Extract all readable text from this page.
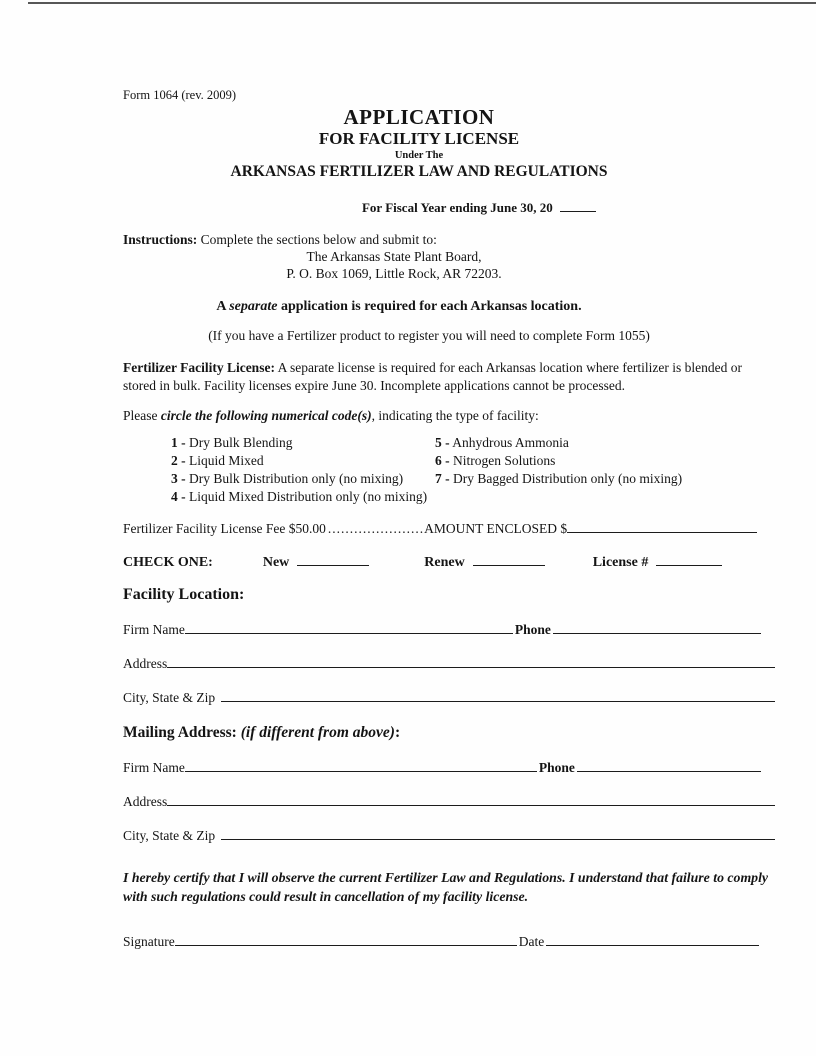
Form 1064 (rev. 2009)
APPLICATION
FOR FACILITY LICENSE
Under The
ARKANSAS FERTILIZER LAW AND REGULATIONS
For Fiscal Year ending June 30, 20
Instructions: Complete the sections below and submit to:
The Arkansas State Plant Board,
P. O. Box 1069, Little Rock, AR 72203.
A separate application is required for each Arkansas location.
(If you have a Fertilizer product to register you will need to complete Form 1055)
Fertilizer Facility License: A separate license is required for each Arkansas location where fertilizer is blended or stored in bulk. Facility licenses expire June 30. Incomplete applications cannot be processed.
Please circle the following numerical code(s), indicating the type of facility:
1 - Dry Bulk Blending	5 - Anhydrous Ammonia
2 - Liquid Mixed	6 - Nitrogen Solutions
3 - Dry Bulk Distribution only (no mixing)	7 - Dry Bagged Distribution only (no mixing)
4 - Liquid Mixed Distribution only (no mixing)
Fertilizer Facility License Fee $50.00 ...................... AMOUNT ENCLOSED $
CHECK ONE:	New	Renew	License #
Facility Location:
Firm Name	Phone
Address
City, State & Zip
Mailing Address: (if different from above):
Firm Name	Phone
Address
City, State & Zip
I hereby certify that I will observe the current Fertilizer Law and Regulations. I understand that failure to comply with such regulations could result in cancellation of my facility license.
Signature	Date
